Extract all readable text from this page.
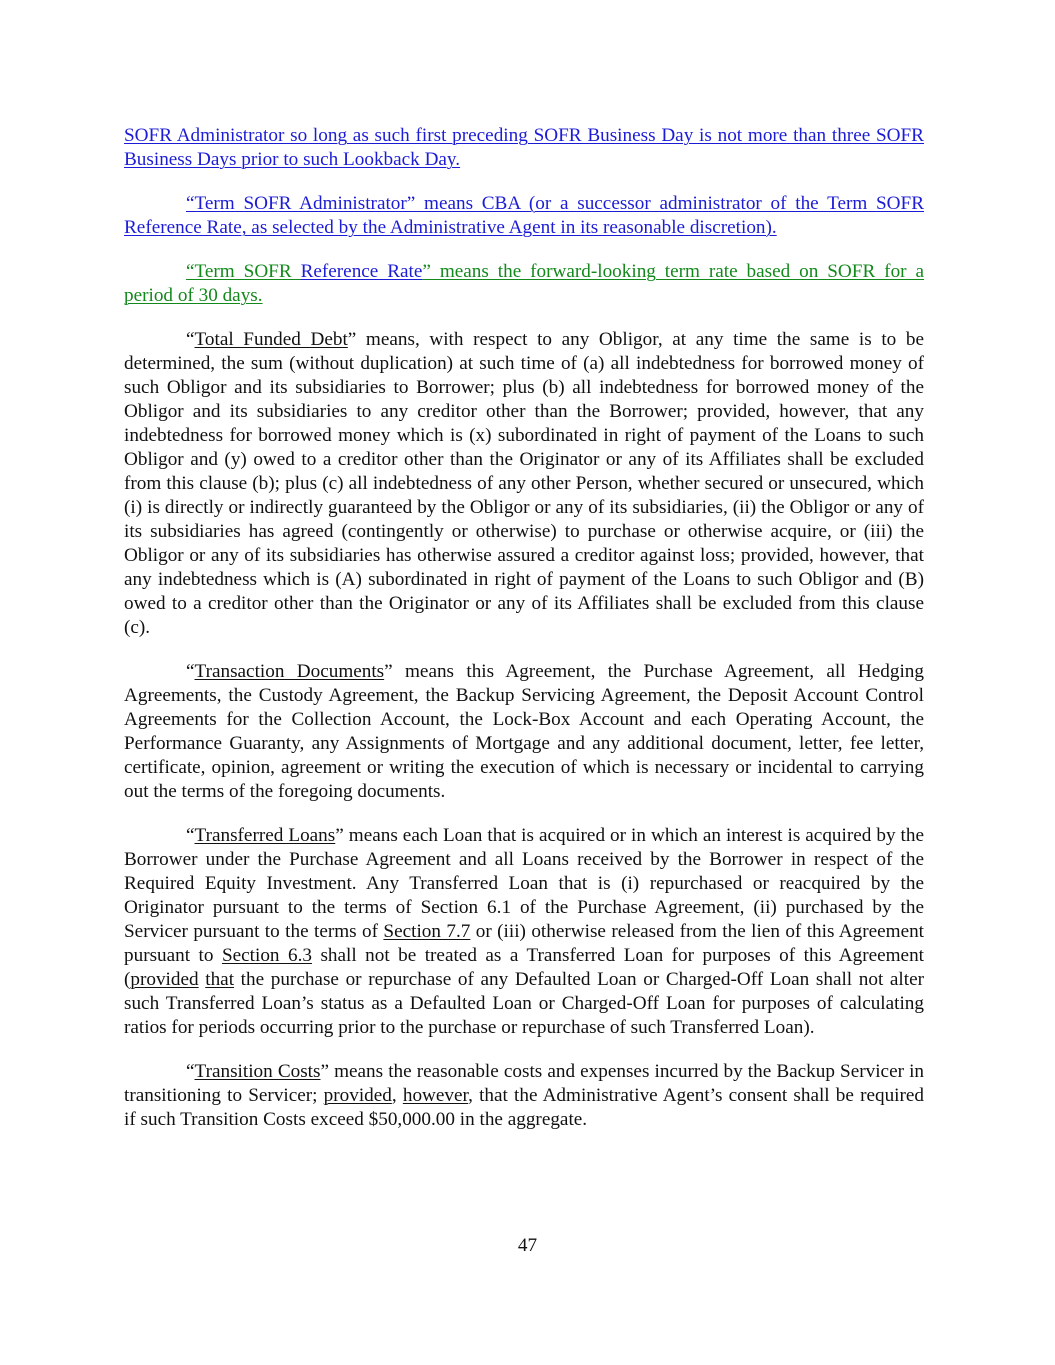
SOFR Administrator so long as such first preceding SOFR Business Day is not more than three SOFR Business Days prior to such Lookback Day.

“Term SOFR Administrator” means CBA (or a successor administrator of the Term SOFR Reference Rate, as selected by the Administrative Agent in its reasonable discretion).

“Term SOFR Reference Rate” means the forward-looking term rate based on SOFR for a period of 30 days.

“Total Funded Debt” means, with respect to any Obligor, at any time the same is to be determined, the sum (without duplication) at such time of (a) all indebtedness for borrowed money of such Obligor and its subsidiaries to Borrower; plus (b) all indebtedness for borrowed money of the Obligor and its subsidiaries to any creditor other than the Borrower; provided, however, that any indebtedness for borrowed money which is (x) subordinated in right of payment of the Loans to such Obligor and (y) owed to a creditor other than the Originator or any of its Affiliates shall be excluded from this clause (b); plus (c) all indebtedness of any other Person, whether secured or unsecured, which (i) is directly or indirectly guaranteed by the Obligor or any of its subsidiaries, (ii) the Obligor or any of its subsidiaries has agreed (contingently or otherwise) to purchase or otherwise acquire, or (iii) the Obligor or any of its subsidiaries has otherwise assured a creditor against loss; provided, however, that any indebtedness which is (A) subordinated in right of payment of the Loans to such Obligor and (B) owed to a creditor other than the Originator or any of its Affiliates shall be excluded from this clause (c).

“Transaction Documents” means this Agreement, the Purchase Agreement, all Hedging Agreements, the Custody Agreement, the Backup Servicing Agreement, the Deposit Account Control Agreements for the Collection Account, the Lock-Box Account and each Operating Account, the Performance Guaranty, any Assignments of Mortgage and any additional document, letter, fee letter, certificate, opinion, agreement or writing the execution of which is necessary or incidental to carrying out the terms of the foregoing documents.

“Transferred Loans” means each Loan that is acquired or in which an interest is acquired by the Borrower under the Purchase Agreement and all Loans received by the Borrower in respect of the Required Equity Investment. Any Transferred Loan that is (i) repurchased or reacquired by the Originator pursuant to the terms of Section 6.1 of the Purchase Agreement, (ii) purchased by the Servicer pursuant to the terms of Section 7.7 or (iii) otherwise released from the lien of this Agreement pursuant to Section 6.3 shall not be treated as a Transferred Loan for purposes of this Agreement (provided that the purchase or repurchase of any Defaulted Loan or Charged-Off Loan shall not alter such Transferred Loan’s status as a Defaulted Loan or Charged-Off Loan for purposes of calculating ratios for periods occurring prior to the purchase or repurchase of such Transferred Loan).

“Transition Costs” means the reasonable costs and expenses incurred by the Backup Servicer in transitioning to Servicer; provided, however, that the Administrative Agent’s consent shall be required if such Transition Costs exceed $50,000.00 in the aggregate.

47
